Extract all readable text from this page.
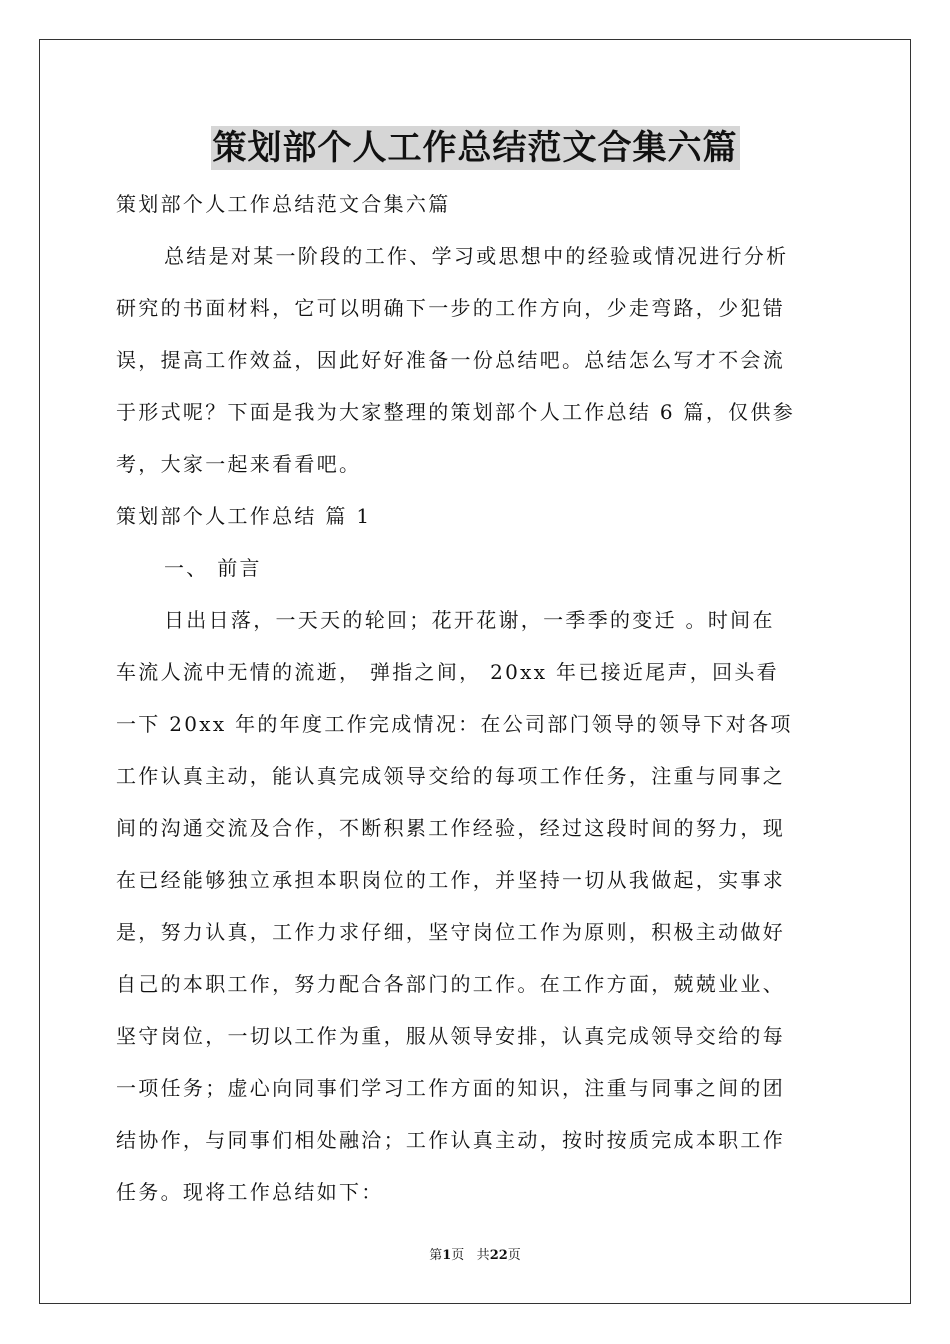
策划部个人工作总结范文合集六篇
策划部个人工作总结范文合集六篇
总结是对某一阶段的工作、学习或思想中的经验或情况进行分析
研究的书面材料，它可以明确下一步的工作方向，少走弯路，少犯错
误，提高工作效益，因此好好准备一份总结吧。总结怎么写才不会流
于形式呢？下面是我为大家整理的策划部个人工作总结 6 篇，仅供参
考，大家一起来看看吧。
策划部个人工作总结 篇 1
一、 前言
日出日落，一天天的轮回；花开花谢，一季季的变迁 。时间在
车流人流中无情的流逝， 弹指之间， 20xx 年已接近尾声，回头看
一下 20xx 年的年度工作完成情况：在公司部门领导的领导下对各项
工作认真主动，能认真完成领导交给的每项工作任务，注重与同事之
间的沟通交流及合作，不断积累工作经验，经过这段时间的努力，现
在已经能够独立承担本职岗位的工作，并坚持一切从我做起，实事求
是，努力认真，工作力求仔细，坚守岗位工作为原则，积极主动做好
自己的本职工作，努力配合各部门的工作。在工作方面，兢兢业业、
坚守岗位，一切以工作为重，服从领导安排，认真完成领导交给的每
一项任务；虚心向同事们学习工作方面的知识，注重与同事之间的团
结协作，与同事们相处融洽；工作认真主动，按时按质完成本职工作
任务。现将工作总结如下：
第1页 共22页
